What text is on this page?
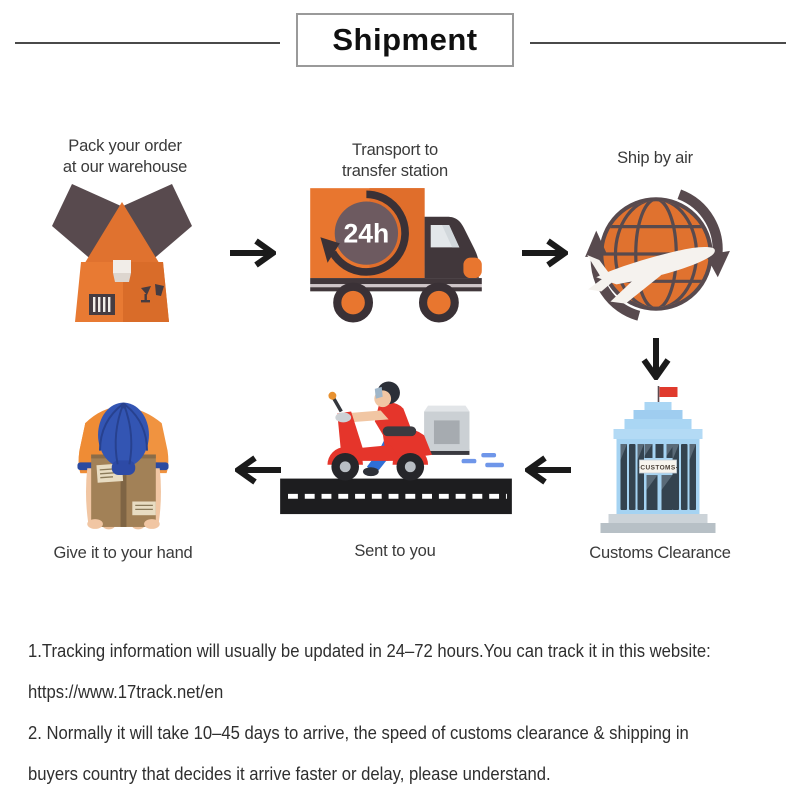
Shipment
Pack your order
at our warehouse
Transport to
transfer station
24h
Ship by air
·CUSTOMS·
Customs Clearance
Sent to you
Give it to your hand
1.Tracking information will usually be updated in 24–72 hours.You can track it in this website:
https://www.17track.net/en
2. Normally it will take 10–45 days to arrive, the speed of customs clearance & shipping in
buyers country that decides it arrive faster or delay, please understand.
